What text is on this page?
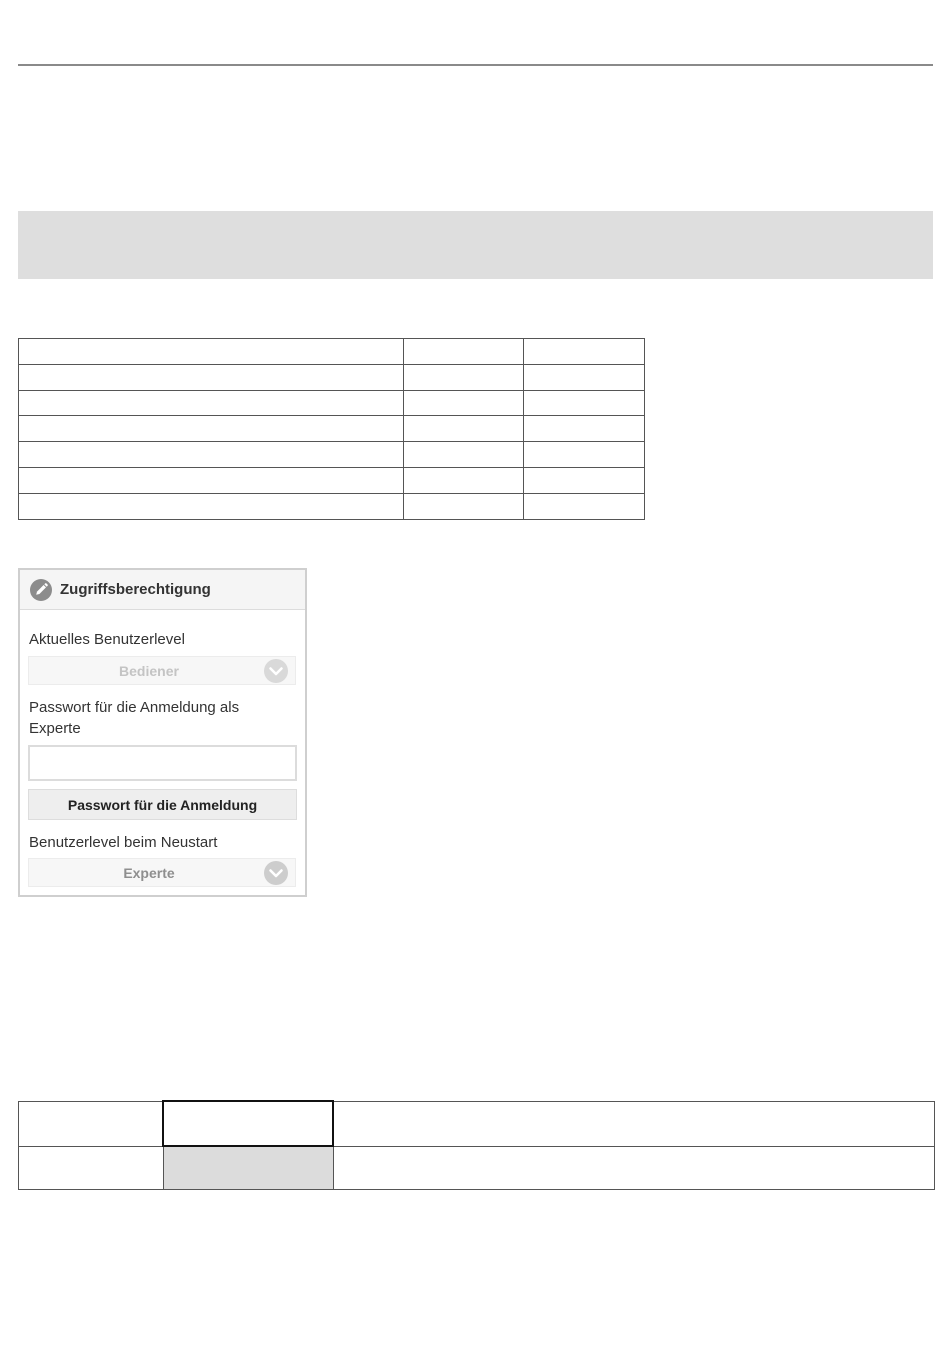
Zugriffsberechtigung
Aktuelles Benutzerlevel
Bediener
Passwort für die Anmeldung als Experte
Passwort für die Anmeldung
Benutzerlevel beim Neustart
Experte
